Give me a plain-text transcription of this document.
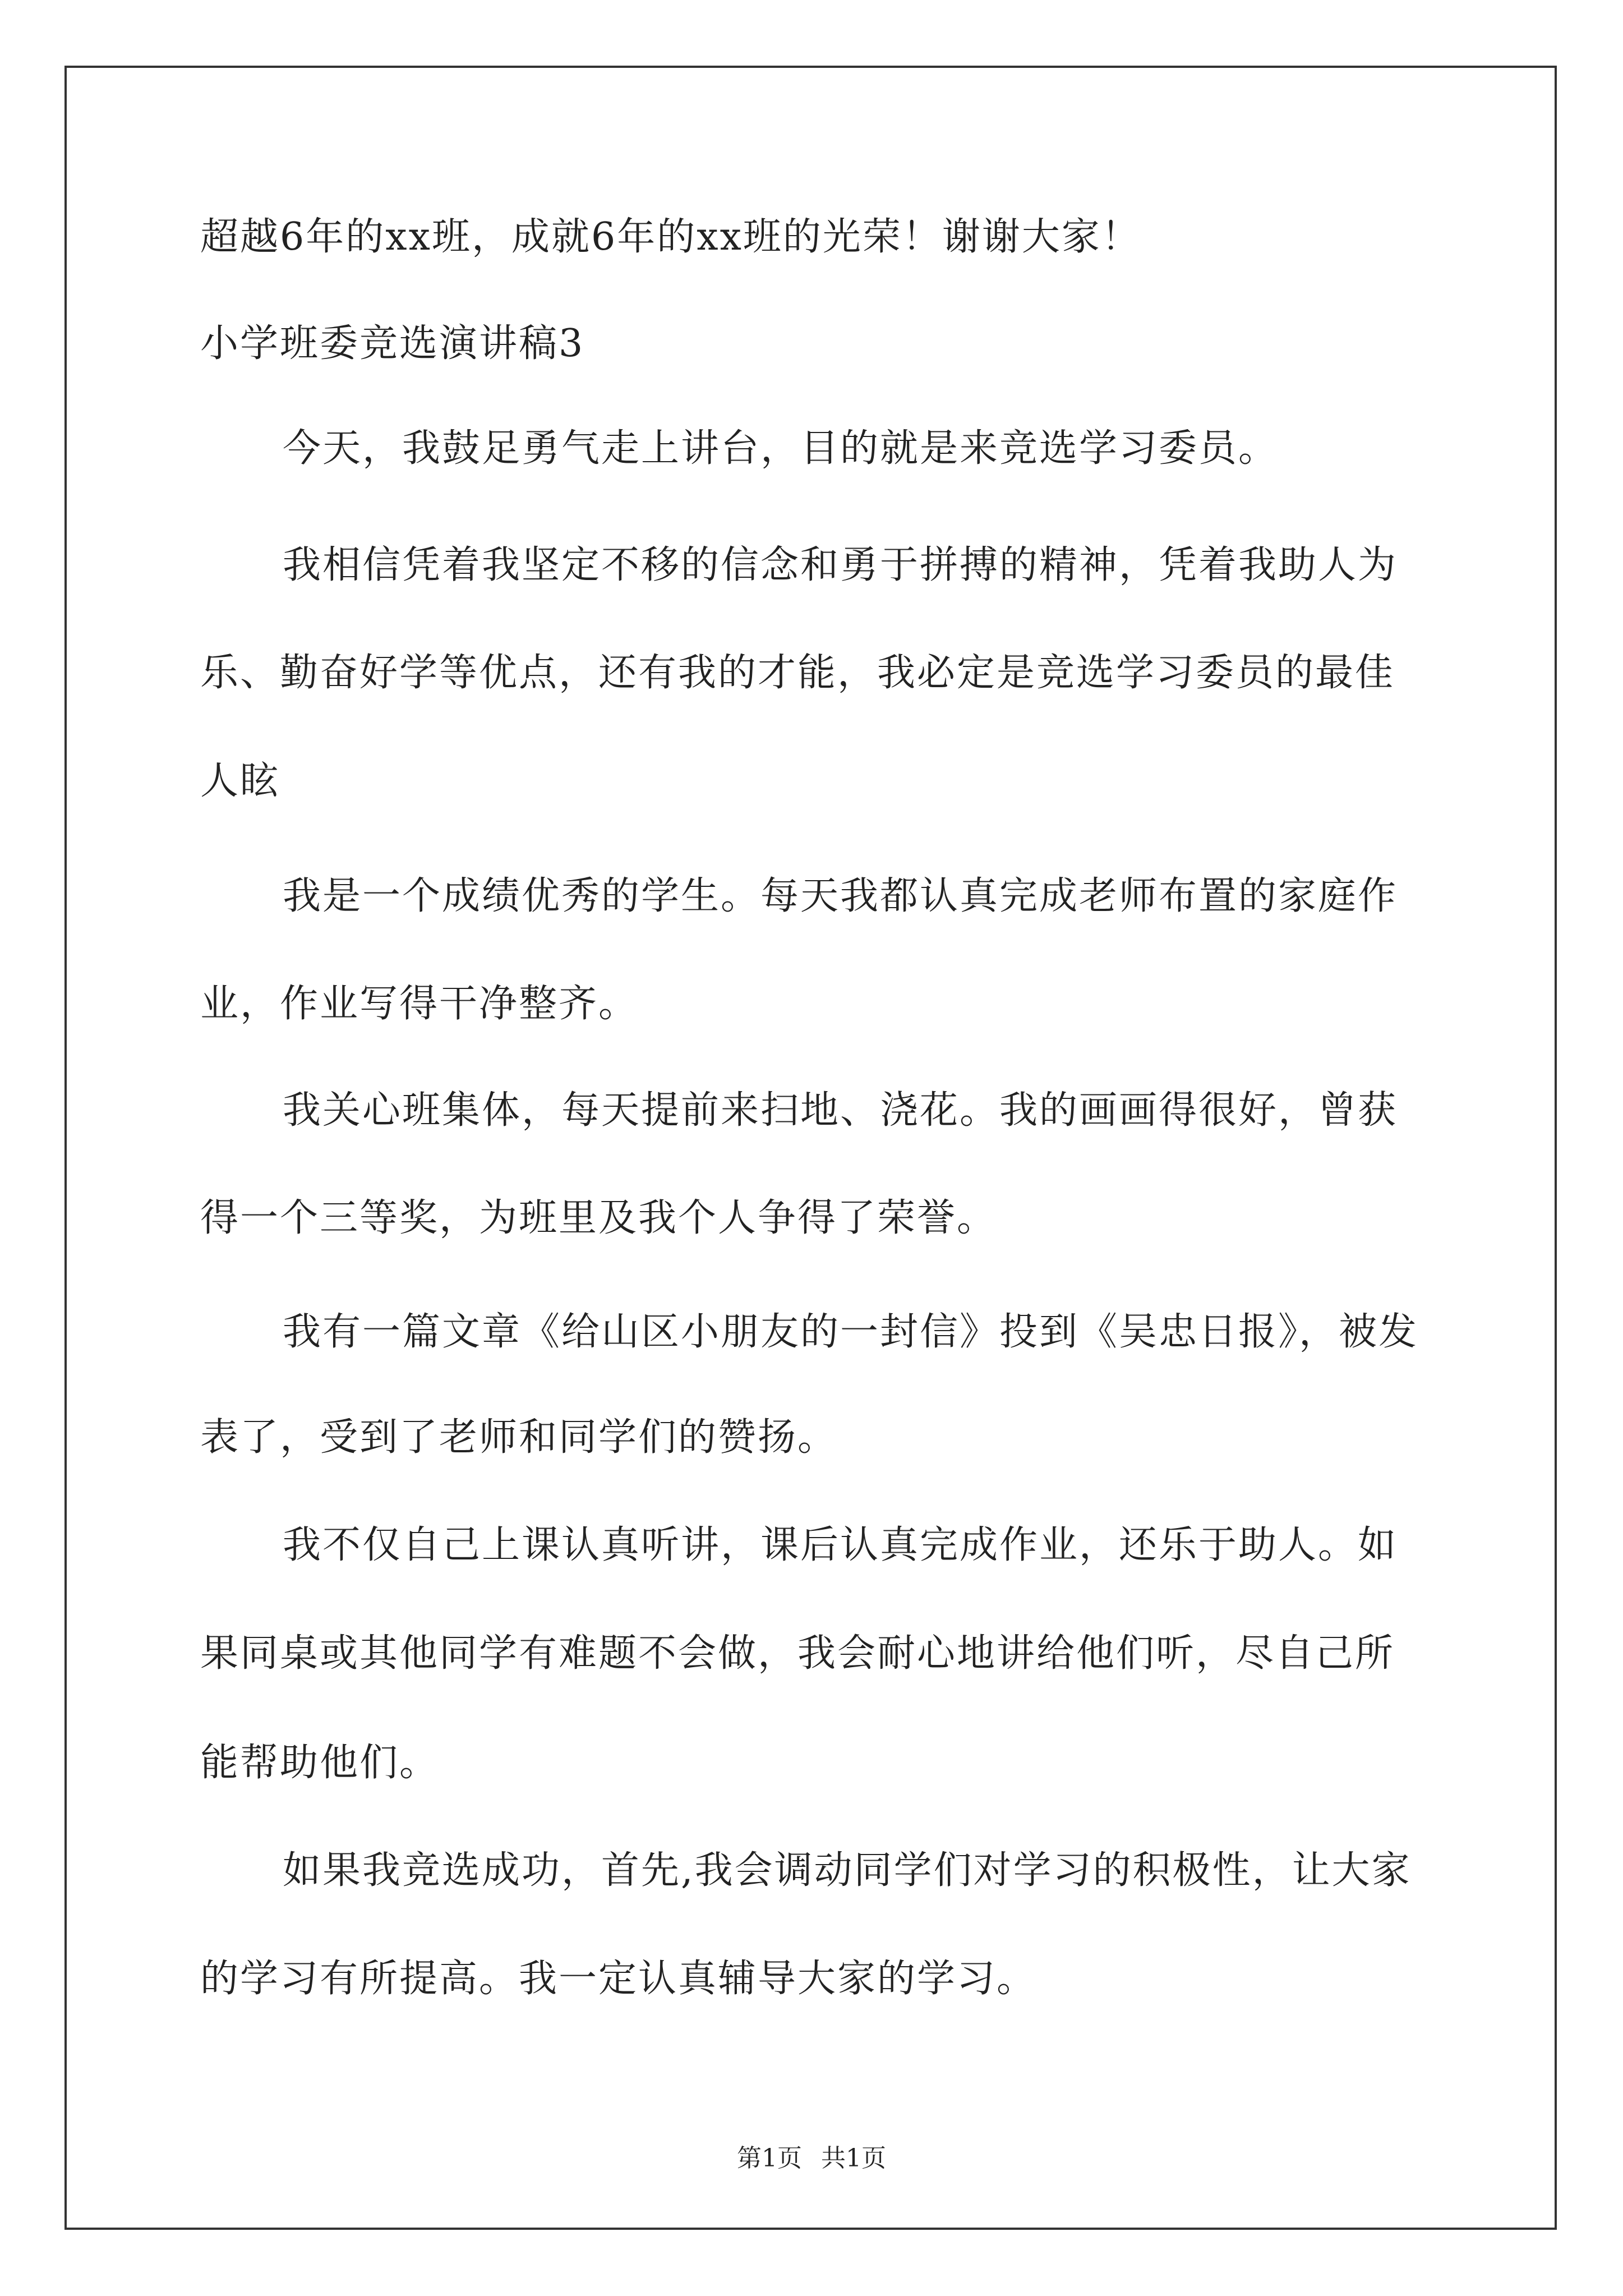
超越6年的xx班，成就6年的xx班的光荣！谢谢大家！
小学班委竞选演讲稿3
今天，我鼓足勇气走上讲台，目的就是来竞选学习委员。
我相信凭着我坚定不移的信念和勇于拼搏的精神，凭着我助人为
乐、勤奋好学等优点，还有我的才能，我必定是竞选学习委员的最佳
人眩
我是一个成绩优秀的学生。每天我都认真完成老师布置的家庭作
业，作业写得干净整齐。
我关心班集体，每天提前来扫地、浇花。我的画画得很好，曾获
得一个三等奖，为班里及我个人争得了荣誉。
我有一篇文章《给山区小朋友的一封信》投到《吴忠日报》，被发
表了，受到了老师和同学们的赞扬。
我不仅自己上课认真听讲，课后认真完成作业，还乐于助人。如
果同桌或其他同学有难题不会做，我会耐心地讲给他们听，尽自己所
能帮助他们。
如果我竞选成功，首先,我会调动同学们对学习的积极性，让大家
的学习有所提高。我一定认真辅导大家的学习。
第1页 共1页
